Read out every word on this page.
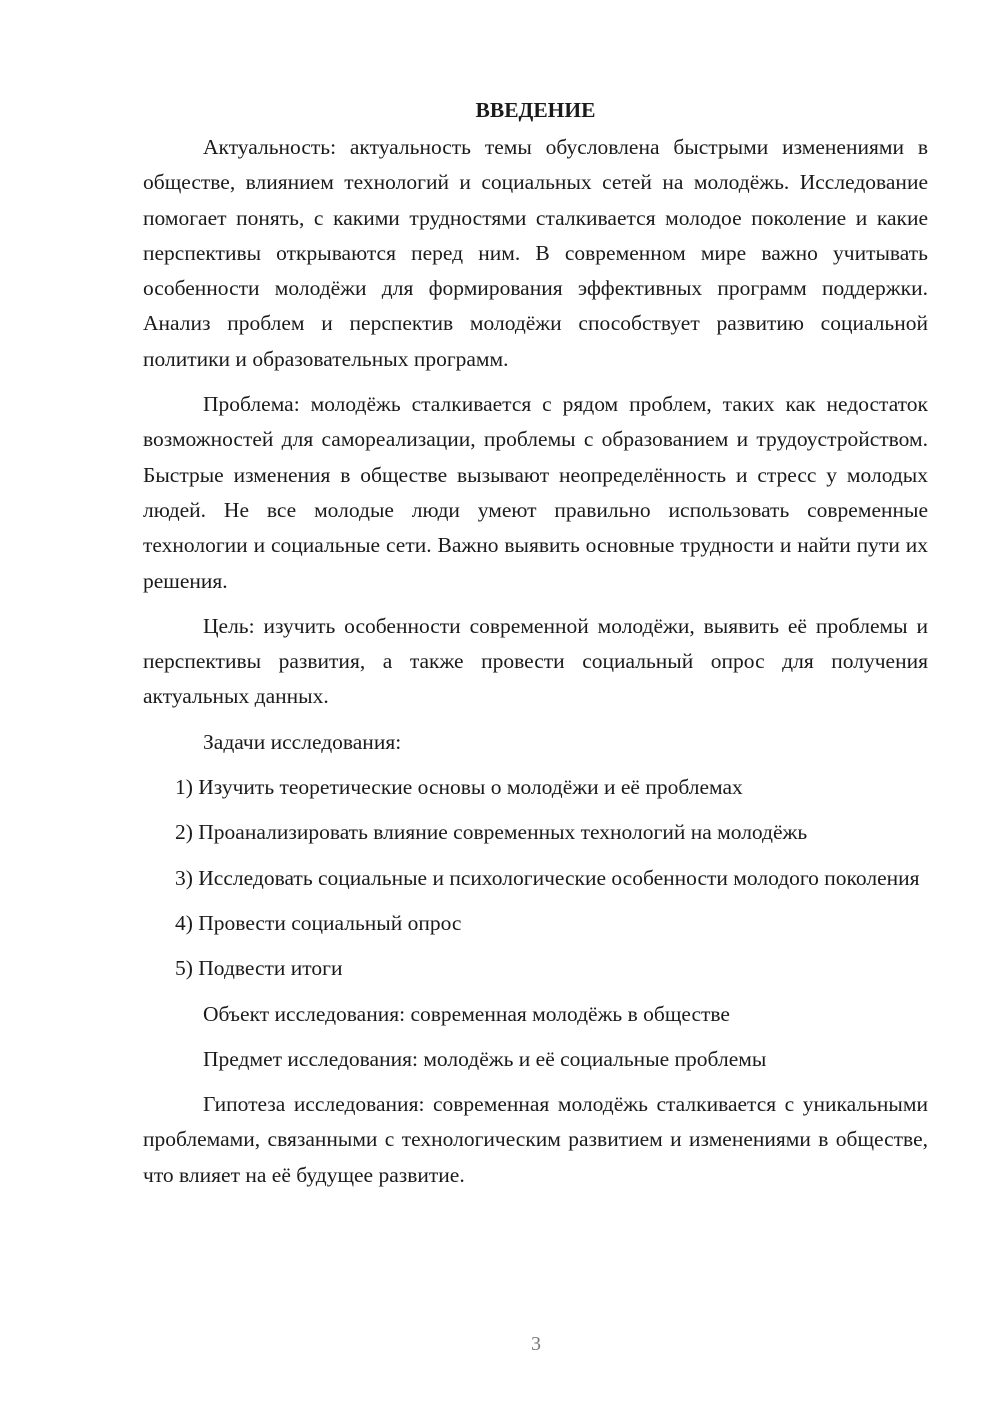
ВВЕДЕНИЕ

Актуальность: актуальность темы обусловлена быстрыми изменениями в обществе, влиянием технологий и социальных сетей на молодёжь. Исследование помогает понять, с какими трудностями сталкивается молодое поколение и какие перспективы открываются перед ним. В современном мире важно учитывать особенности молодёжи для формирования эффективных программ поддержки. Анализ проблем и перспектив молодёжи способствует развитию социальной политики и образовательных программ.

Проблема: молодёжь сталкивается с рядом проблем, таких как недостаток возможностей для самореализации, проблемы с образованием и трудоустройством. Быстрые изменения в обществе вызывают неопределённость и стресс у молодых людей. Не все молодые люди умеют правильно использовать современные технологии и социальные сети. Важно выявить основные трудности и найти пути их решения.

Цель: изучить особенности современной молодёжи, выявить её проблемы и перспективы развития, а также провести социальный опрос для получения актуальных данных.

Задачи исследования:

1) Изучить теоретические основы о молодёжи и её проблемах

2) Проанализировать влияние современных технологий на молодёжь

3) Исследовать социальные и психологические особенности молодого поколения

4) Провести социальный опрос

5) Подвести итоги

Объект исследования: современная молодёжь в обществе

Предмет исследования: молодёжь и её социальные проблемы

Гипотеза исследования: современная молодёжь сталкивается с уникальными проблемами, связанными с технологическим развитием и изменениями в обществе, что влияет на её будущее развитие.

3
